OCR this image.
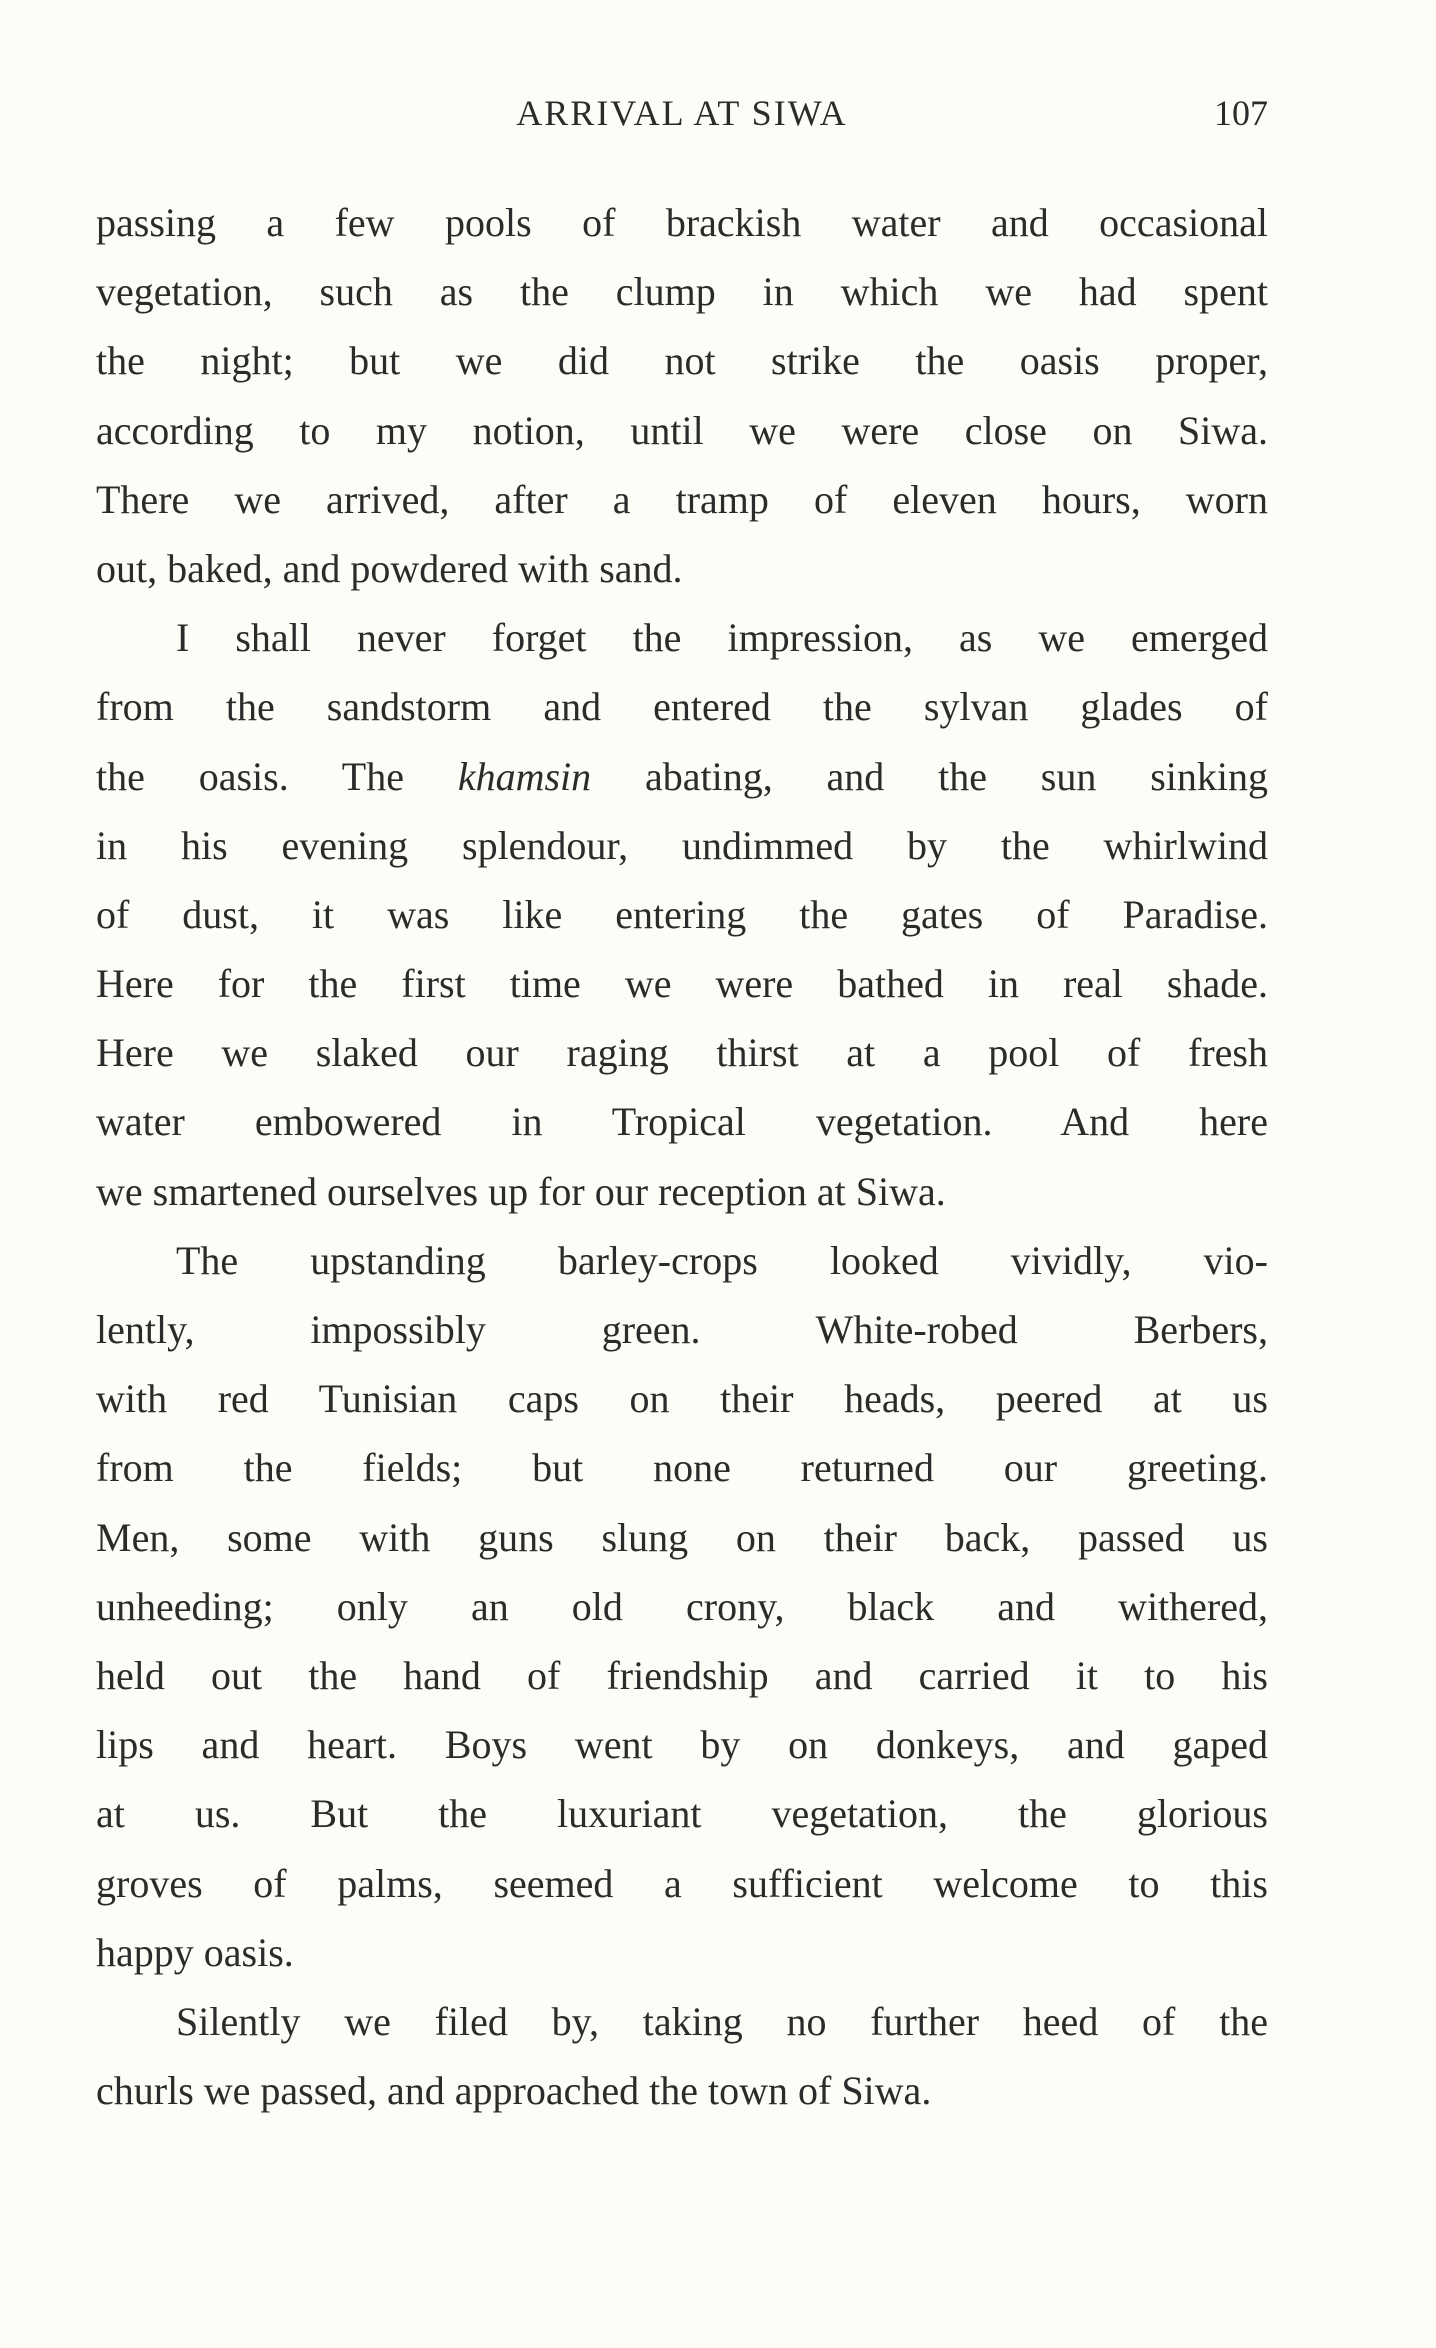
ARRIVAL AT SIWA	107
passing a few pools of brackish water and occasional
vegetation, such as the clump in which we had spent
the night; but we did not strike the oasis proper,
according to my notion, until we were close on Siwa.
There we arrived, after a tramp of eleven hours, worn
out, baked, and powdered with sand.
I shall never forget the impression, as we emerged
from the sandstorm and entered the sylvan glades of
the oasis. The khamsin abating, and the sun sinking
in his evening splendour, undimmed by the whirlwind
of dust, it was like entering the gates of Paradise.
Here for the first time we were bathed in real shade.
Here we slaked our raging thirst at a pool of fresh
water embowered in Tropical vegetation. And here
we smartened ourselves up for our reception at Siwa.
The upstanding barley-crops looked vividly, vio-
lently, impossibly green. White-robed Berbers,
with red Tunisian caps on their heads, peered at us
from the fields; but none returned our greeting.
Men, some with guns slung on their back, passed us
unheeding; only an old crony, black and withered,
held out the hand of friendship and carried it to his
lips and heart. Boys went by on donkeys, and gaped
at us. But the luxuriant vegetation, the glorious
groves of palms, seemed a sufficient welcome to this
happy oasis.
Silently we filed by, taking no further heed of the
churls we passed, and approached the town of Siwa.
